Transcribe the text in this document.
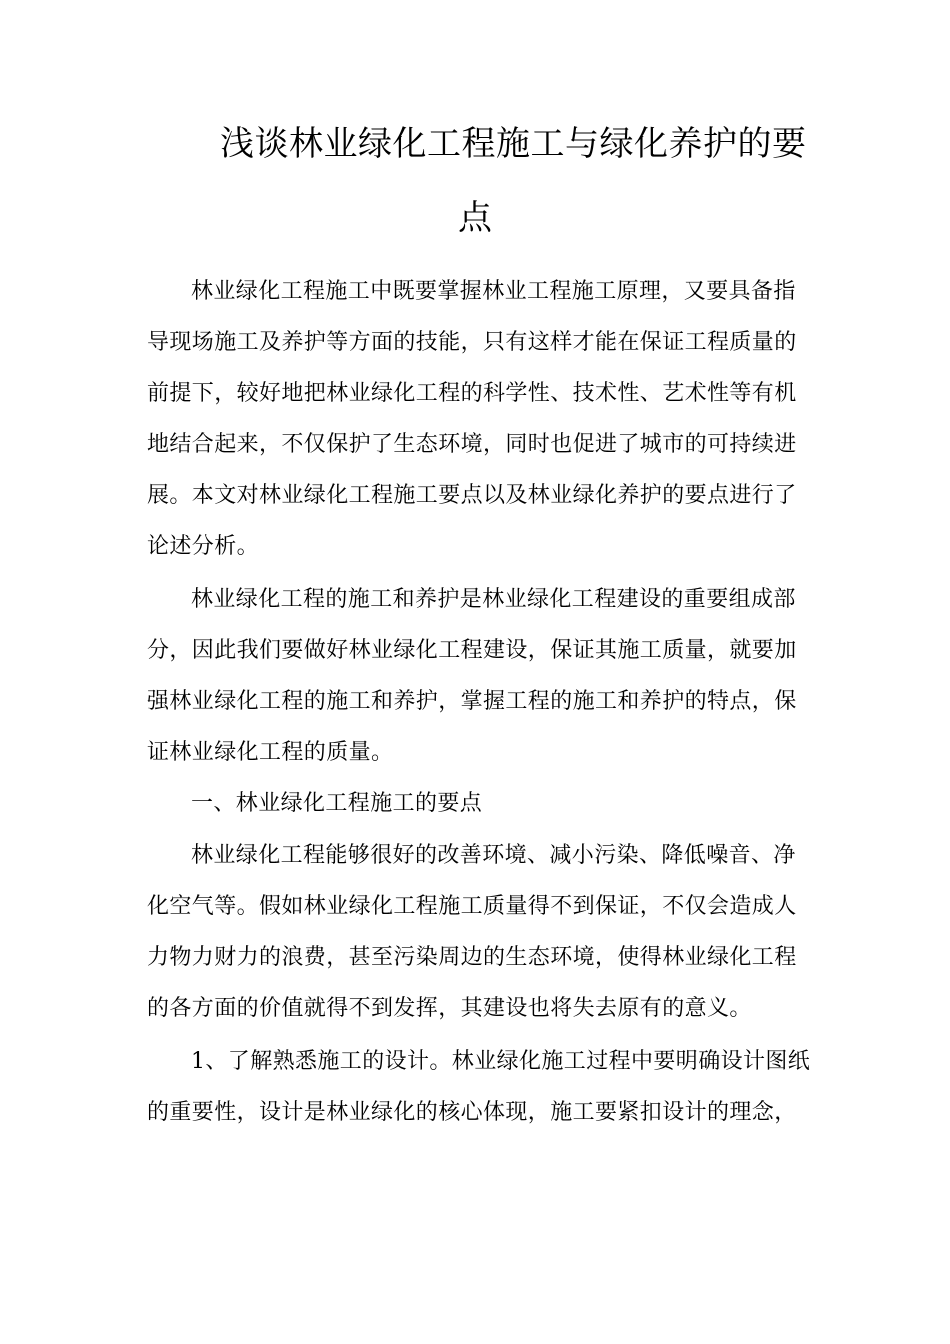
浅谈林业绿化工程施工与绿化养护的要
点
林业绿化工程施工中既要掌握林业工程施工原理，又要具备指
导现场施工及养护等方面的技能，只有这样才能在保证工程质量的
前提下，较好地把林业绿化工程的科学性、技术性、艺术性等有机
地结合起来，不仅保护了生态环境，同时也促进了城市的可持续进
展。本文对林业绿化工程施工要点以及林业绿化养护的要点进行了
论述分析。
林业绿化工程的施工和养护是林业绿化工程建设的重要组成部
分，因此我们要做好林业绿化工程建设，保证其施工质量，就要加
强林业绿化工程的施工和养护，掌握工程的施工和养护的特点，保
证林业绿化工程的质量。
一、林业绿化工程施工的要点
林业绿化工程能够很好的改善环境、减小污染、降低噪音、净
化空气等。假如林业绿化工程施工质量得不到保证，不仅会造成人
力物力财力的浪费，甚至污染周边的生态环境，使得林业绿化工程
的各方面的价值就得不到发挥，其建设也将失去原有的意义。
1、了解熟悉施工的设计。林业绿化施工过程中要明确设计图纸
的重要性，设计是林业绿化的核心体现，施工要紧扣设计的理念，
